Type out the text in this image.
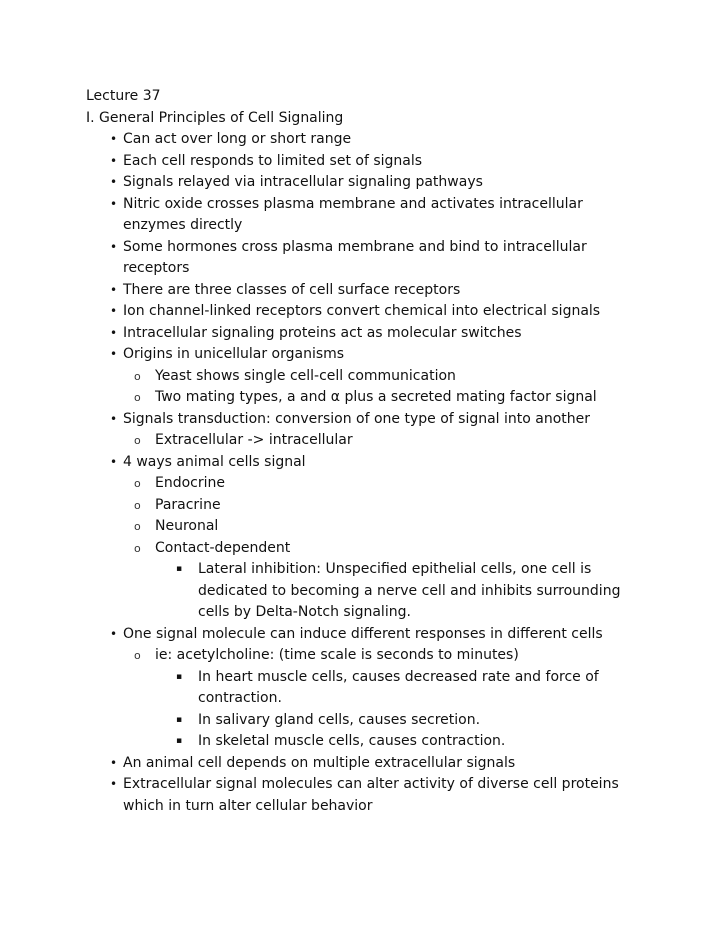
Lecture 37

I. General Principles of Cell Signaling

• Can act over long or short range
• Each cell responds to limited set of signals
• Signals relayed via intracellular signaling pathways
• Nitric oxide crosses plasma membrane and activates intracellular enzymes directly
• Some hormones cross plasma membrane and bind to intracellular receptors
• There are three classes of cell surface receptors
• Ion channel-linked receptors convert chemical into electrical signals
• Intracellular signaling proteins act as molecular switches
• Origins in unicellular organisms
o Yeast shows single cell-cell communication
o Two mating types, a and α plus a secreted mating factor signal
• Signals transduction: conversion of one type of signal into another
o Extracellular -> intracellular
• 4 ways animal cells signal
o Endocrine
o Paracrine
o Neuronal
o Contact-dependent
▪ Lateral inhibition: Unspecified epithelial cells, one cell is dedicated to becoming a nerve cell and inhibits surrounding cells by Delta-Notch signaling.
• One signal molecule can induce different responses in different cells
o ie: acetylcholine: (time scale is seconds to minutes)
▪ In heart muscle cells, causes decreased rate and force of contraction.
▪ In salivary gland cells, causes secretion.
▪ In skeletal muscle cells, causes contraction.
• An animal cell depends on multiple extracellular signals
• Extracellular signal molecules can alter activity of diverse cell proteins which in turn alter cellular behavior
